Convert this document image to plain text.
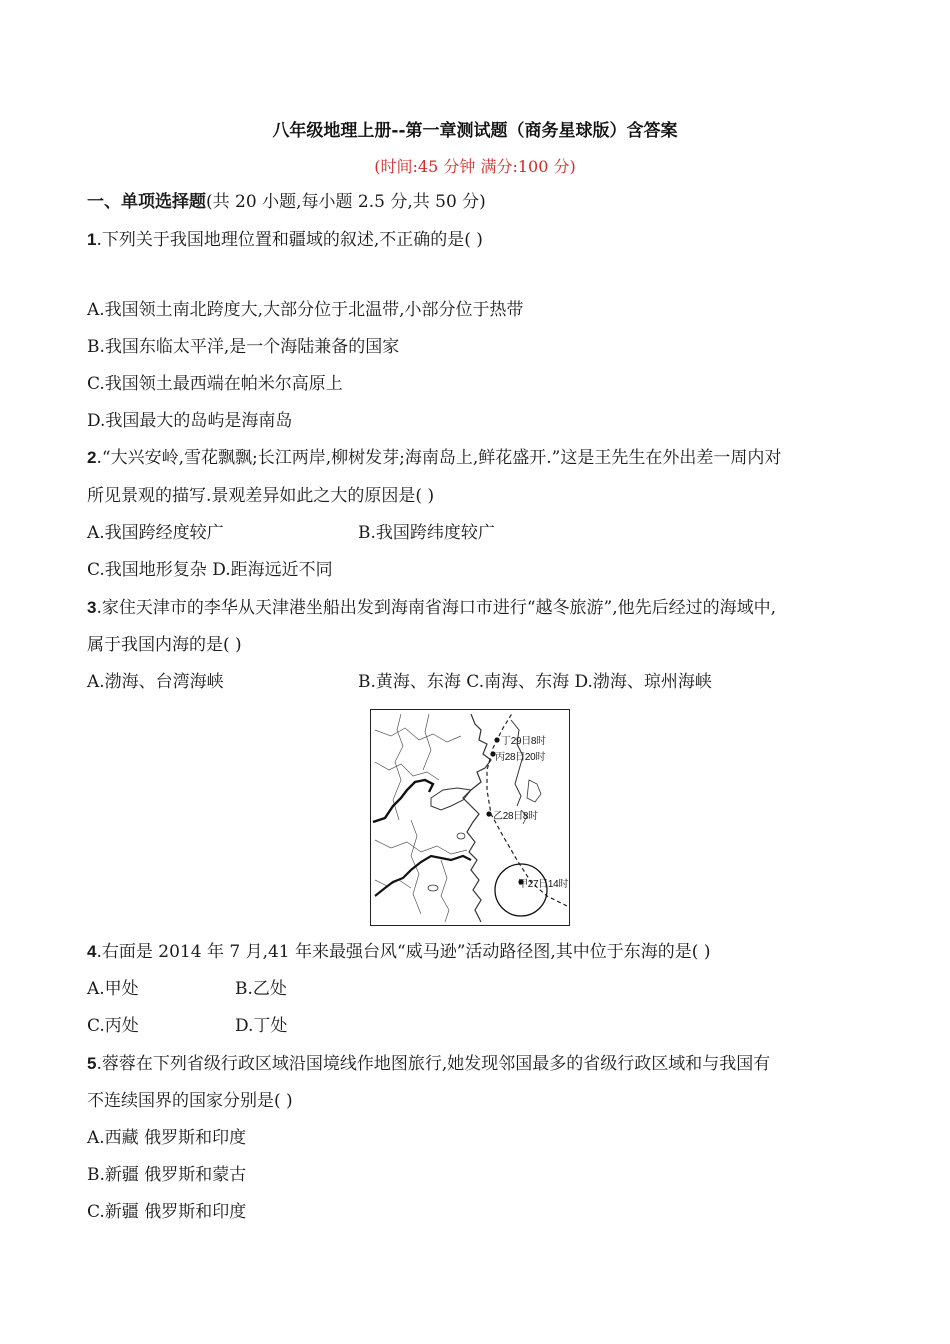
八年级地理上册--第一章测试题（商务星球版）含答案
(时间:45 分钟 满分:100 分)
一、单项选择题(共 20 小题,每小题 2.5 分,共 50 分)
1.下列关于我国地理位置和疆域的叙述,不正确的是( )
A.我国领土南北跨度大,大部分位于北温带,小部分位于热带
B.我国东临太平洋,是一个海陆兼备的国家
C.我国领土最西端在帕米尔高原上
D.我国最大的岛屿是海南岛
2.“大兴安岭,雪花飘飘;长江两岸,柳树发芽;海南岛上,鲜花盛开.”这是王先生在外出差一周内对
所见景观的描写.景观差异如此之大的原因是( )
A.我国跨经度较广	B.我国跨纬度较广
C.我国地形复杂 D.距海远近不同
3.家住天津市的李华从天津港坐船出发到海南省海口市进行“越冬旅游”,他先后经过的海域中,
属于我国内海的是( )
A.渤海、台湾海峡	B.黄海、东海 C.南海、东海 D.渤海、琼州海峡
丁29日8时
丙28日20时
乙28日8时
甲27日14时
4.右面是 2014 年 7 月,41 年来最强台风“威马逊”活动路径图,其中位于东海的是( )
A.甲处	B.乙处
C.丙处	D.丁处
5.蓉蓉在下列省级行政区域沿国境线作地图旅行,她发现邻国最多的省级行政区域和与我国有
不连续国界的国家分别是( )
A.西藏 俄罗斯和印度
B.新疆 俄罗斯和蒙古
C.新疆 俄罗斯和印度
